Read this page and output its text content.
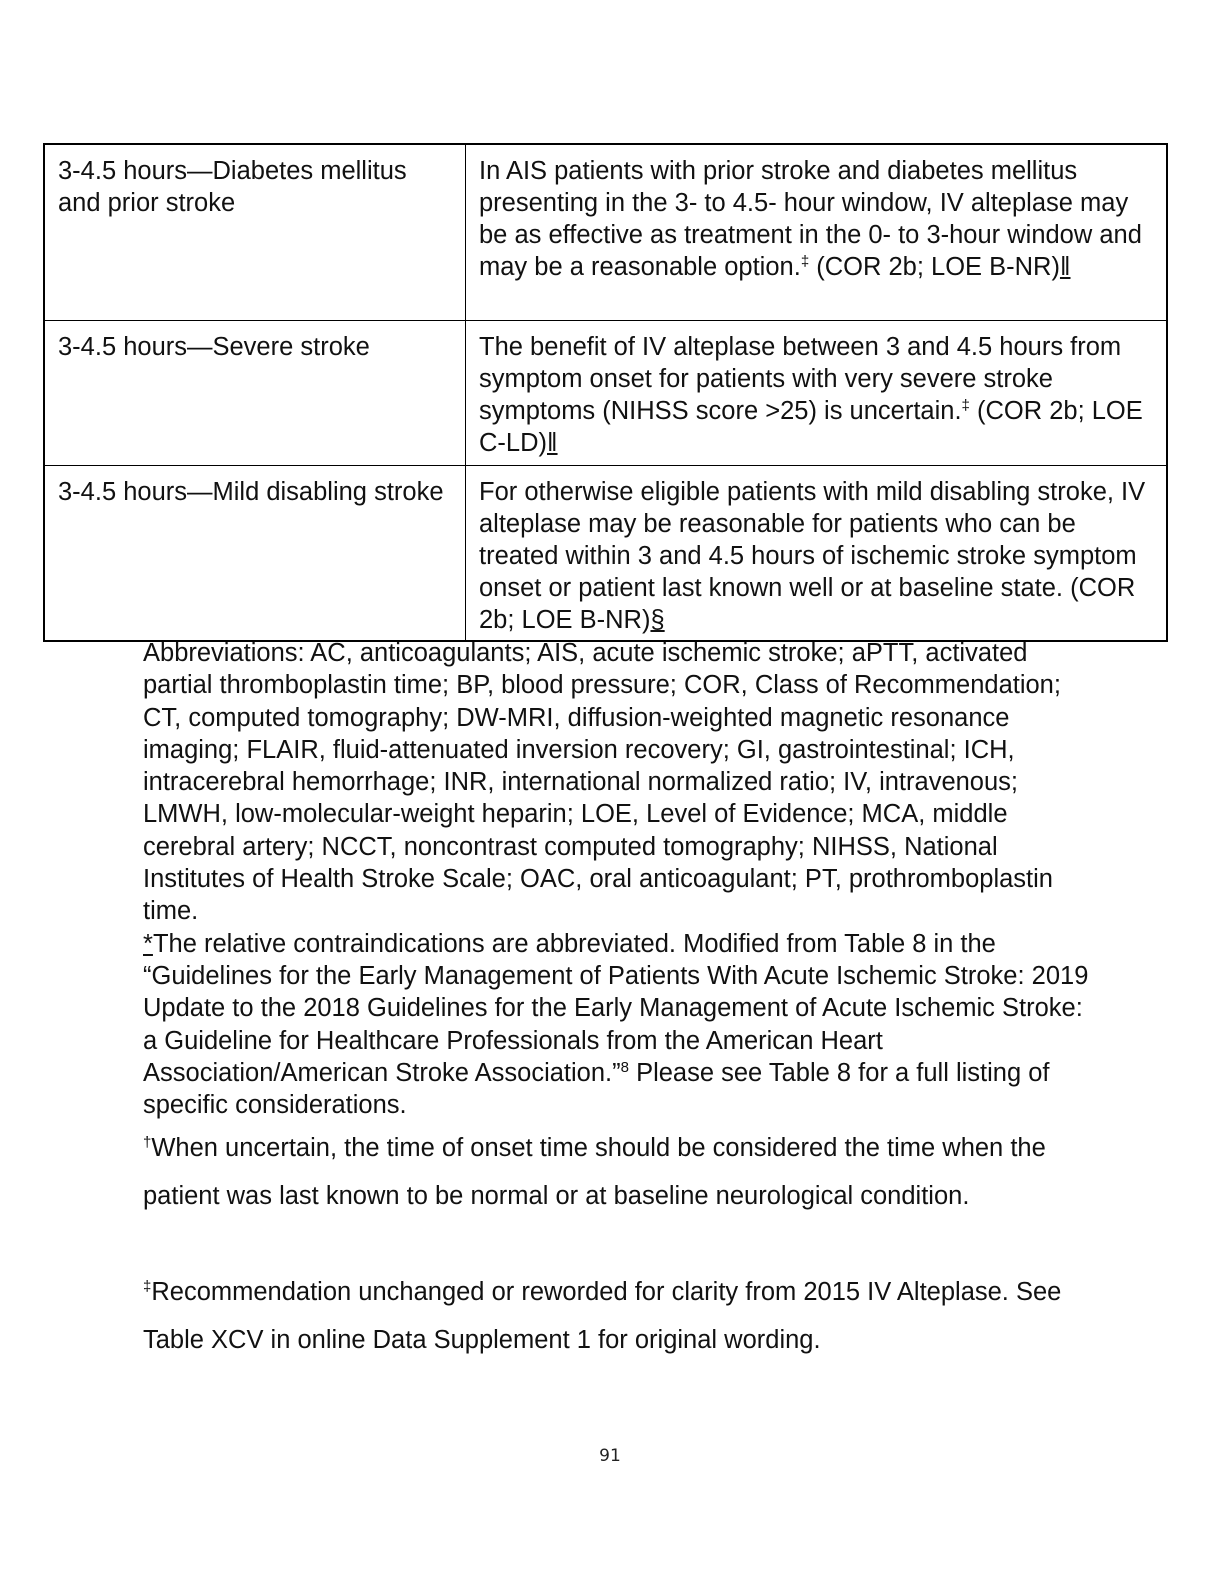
3-4.5 hours—Diabetes mellitus and prior stroke	In AIS patients with prior stroke and diabetes mellitus presenting in the 3- to 4.5- hour window, IV alteplase may be as effective as treatment in the 0- to 3-hour window and may be a reasonable option.‡ (COR 2b; LOE B-NR)‖
3-4.5 hours—Severe stroke	The benefit of IV alteplase between 3 and 4.5 hours from symptom onset for patients with very severe stroke symptoms (NIHSS score >25) is uncertain.‡ (COR 2b; LOE C-LD)‖
3-4.5 hours—Mild disabling stroke	For otherwise eligible patients with mild disabling stroke, IV alteplase may be reasonable for patients who can be treated within 3 and 4.5 hours of ischemic stroke symptom onset or patient last known well or at baseline state. (COR 2b; LOE B-NR)§

Abbreviations: AC, anticoagulants; AIS, acute ischemic stroke; aPTT, activated partial thromboplastin time; BP, blood pressure; COR, Class of Recommendation; CT, computed tomography; DW-MRI, diffusion-weighted magnetic resonance imaging; FLAIR, fluid-attenuated inversion recovery; GI, gastrointestinal; ICH, intracerebral hemorrhage; INR, international normalized ratio; IV, intravenous; LMWH, low-molecular-weight heparin; LOE, Level of Evidence; MCA, middle cerebral artery; NCCT, noncontrast computed tomography; NIHSS, National Institutes of Health Stroke Scale; OAC, oral anticoagulant; PT, prothromboplastin time.

*The relative contraindications are abbreviated. Modified from Table 8 in the “Guidelines for the Early Management of Patients With Acute Ischemic Stroke: 2019 Update to the 2018 Guidelines for the Early Management of Acute Ischemic Stroke: a Guideline for Healthcare Professionals from the American Heart Association/American Stroke Association.”$^8$ Please see Table 8 for a full listing of specific considerations.

†When uncertain, the time of onset time should be considered the time when the patient was last known to be normal or at baseline neurological condition.

‡Recommendation unchanged or reworded for clarity from 2015 IV Alteplase. See Table XCV in online Data Supplement 1 for original wording.

91
